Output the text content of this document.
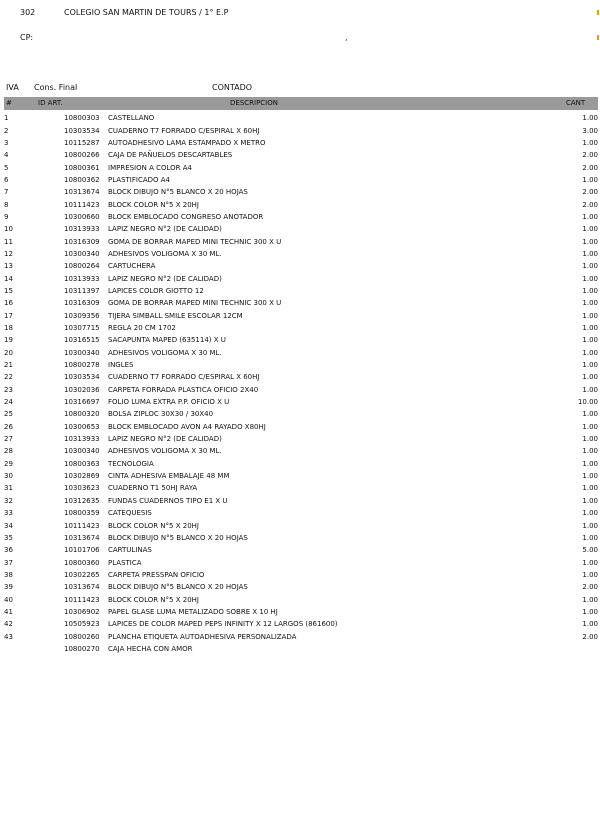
302	COLEGIO SAN MARTIN DE TOURS / 1° E.P
CP:	,
IVA Cons. Final	CONTADO
#	ID ART.	DESCRIPCION	CANT
1	10800303	CASTELLANO	1.00
2	10303534	CUADERNO T7 FORRADO C/ESPIRAL X 60HJ	3.00
3	10115287	AUTOADHESIVO LAMA ESTAMPADO X METRO	1.00
4	10800266	CAJA DE PAÑUELOS DESCARTABLES	2.00
5	10800361	IMPRESION A COLOR A4	2.00
6	10800362	PLASTIFICADO A4	1.00
7	10313674	BLOCK DIBUJO N°5 BLANCO X 20 HOJAS	2.00
8	10111423	BLOCK COLOR N°5 X 20HJ	2.00
9	10300660	BLOCK EMBLOCADO CONGRESO ANOTADOR	1.00
10	10313933	LAPIZ NEGRO N°2 (DE CALIDAD)	1.00
11	10316309	GOMA DE BORRAR MAPED MINI TECHNIC 300 X U	1.00
12	10300340	ADHESIVOS VOLIGOMA X 30 ML.	1.00
13	10800264	CARTUCHERA	1.00
14	10313933	LAPIZ NEGRO N°2 (DE CALIDAD)	1.00
15	10311397	LAPICES COLOR GIOTTO 12	1.00
16	10316309	GOMA DE BORRAR MAPED MINI TECHNIC 300 X U	1.00
17	10309356	TIJERA SIMBALL SMILE ESCOLAR 12CM	1.00
18	10307715	REGLA 20 CM 1702	1.00
19	10316515	SACAPUNTA MAPED (635114) X U	1.00
20	10300340	ADHESIVOS VOLIGOMA X 30 ML.	1.00
21	10800278	INGLES	1.00
22	10303534	CUADERNO T7 FORRADO C/ESPIRAL X 60HJ	1.00
23	10302036	CARPETA FORRADA PLASTICA OFICIO 2X40	1.00
24	10316697	FOLIO LUMA EXTRA P.P. OFICIO X U	10.00
25	10800320	BOLSA ZIPLOC 30X30 / 30X40	1.00
26	10300653	BLOCK EMBLOCADO AVON A4 RAYADO X80HJ	1.00
27	10313933	LAPIZ NEGRO N°2 (DE CALIDAD)	1.00
28	10300340	ADHESIVOS VOLIGOMA X 30 ML.	1.00
29	10800363	TECNOLOGIA	1.00
30	10302869	CINTA ADHESIVA EMBALAJE 48 MM	1.00
31	10303623	CUADERNO T1 50HJ RAYA	1.00
32	10312635	FUNDAS CUADERNOS TIPO E1 X U	1.00
33	10800359	CATEQUESIS	1.00
34	10111423	BLOCK COLOR N°5 X 20HJ	1.00
35	10313674	BLOCK DIBUJO N°5 BLANCO X 20 HOJAS	1.00
36	10101706	CARTULINAS	5.00
37	10800360	PLASTICA	1.00
38	10302265	CARPETA PRESSPAN OFICIO	1.00
39	10313674	BLOCK DIBUJO N°5 BLANCO X 20 HOJAS	2.00
40	10111423	BLOCK COLOR N°5 X 20HJ	1.00
41	10306902	PAPEL GLASE LUMA METALIZADO SOBRE X 10 HJ	1.00
42	10505923	LAPICES DE COLOR MAPED PEPS INFINITY X 12 LARGOS (861600)	1.00
43	10800260	PLANCHA ETIQUETA AUTOADHESIVA PERSONALIZADA	2.00
	10800270	CAJA HECHA CON AMOR	
